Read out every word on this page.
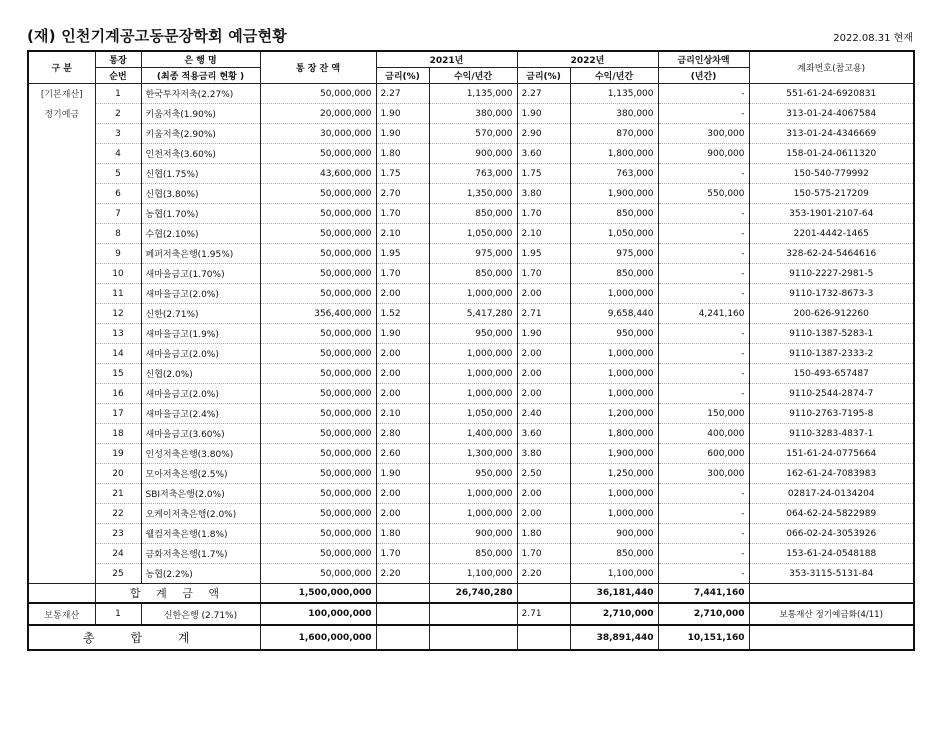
(재) 인천기계공고동문장학회 예금현황	2022.08.31 현재
구 분	통장	은 행 명	통 장 잔 액	2021년		2022년		금리인상차액	계좌번호(참고용)
	순번	(최종 적용금리 현황 )		금리(%)	수익/년간	금리(%)	수익/년간	(년간)	
[기본재산]	1	한국투자저축(2.27%)	50,000,000	2.27	1,135,000	2.27	1,135,000	-	551-61-24-6920831
정기예금	2	키움저축(1.90%)	20,000,000	1.90	380,000	1.90	380,000	-	313-01-24-4067584
	3	키움저축(2.90%)	30,000,000	1.90	570,000	2.90	870,000	300,000	313-01-24-4346669
	4	인천저축(3.60%)	50,000,000	1.80	900,000	3.60	1,800,000	900,000	158-01-24-0611320
	5	신협(1.75%)	43,600,000	1.75	763,000	1.75	763,000	-	150-540-779992
	6	신협(3.80%)	50,000,000	2.70	1,350,000	3.80	1,900,000	550,000	150-575-217209
	7	농협(1.70%)	50,000,000	1.70	850,000	1.70	850,000	-	353-1901-2107-64
	8	수협(2.10%)	50,000,000	2.10	1,050,000	2.10	1,050,000	-	2201-4442-1465
	9	페퍼저축은행(1.95%)	50,000,000	1.95	975,000	1.95	975,000	-	328-62-24-5464616
	10	새마을금고(1.70%)	50,000,000	1.70	850,000	1.70	850,000	-	9110-2227-2981-5
	11	새마을금고(2.0%)	50,000,000	2.00	1,000,000	2.00	1,000,000	-	9110-1732-8673-3
	12	신한(2.71%)	356,400,000	1.52	5,417,280	2.71	9,658,440	4,241,160	200-626-912260
	13	새마을금고(1.9%)	50,000,000	1.90	950,000	1.90	950,000	-	9110-1387-5283-1
	14	새마을금고(2.0%)	50,000,000	2.00	1,000,000	2.00	1,000,000	-	9110-1387-2333-2
	15	신협(2.0%)	50,000,000	2.00	1,000,000	2.00	1,000,000	-	150-493-657487
	16	새마을금고(2.0%)	50,000,000	2.00	1,000,000	2.00	1,000,000	-	9110-2544-2874-7
	17	새마을금고(2.4%)	50,000,000	2.10	1,050,000	2.40	1,200,000	150,000	9110-2763-7195-8
	18	새마을금고(3.60%)	50,000,000	2.80	1,400,000	3.60	1,800,000	400,000	9110-3283-4837-1
	19	인성저축은행(3.80%)	50,000,000	2.60	1,300,000	3.80	1,900,000	600,000	151-61-24-0775664
	20	모아저축은행(2.5%)	50,000,000	1.90	950,000	2.50	1,250,000	300,000	162-61-24-7083983
	21	SBI저축은행(2.0%)	50,000,000	2.00	1,000,000	2.00	1,000,000	-	02817-24-0134204
	22	오케이저축은행(2.0%)	50,000,000	2.00	1,000,000	2.00	1,000,000	-	064-62-24-5822989
	23	웰컴저축은행(1.8%)	50,000,000	1.80	900,000	1.80	900,000	-	066-02-24-3053926
	24	금화저축은행(1.7%)	50,000,000	1.70	850,000	1.70	850,000	-	153-61-24-0548188
	25	농협(2.2%)	50,000,000	2.20	1,100,000	2.20	1,100,000	-	353-3115-5131-84
	합 계 금 액		1,500,000,000		26,740,280		36,181,440	7,441,160	
보통재산	1	신한은행 (2.71%)	100,000,000			2.71	2,710,000	2,710,000	보통재산 정기예금화(4/11)
총 합 계			1,600,000,000				38,891,440	10,151,160	
